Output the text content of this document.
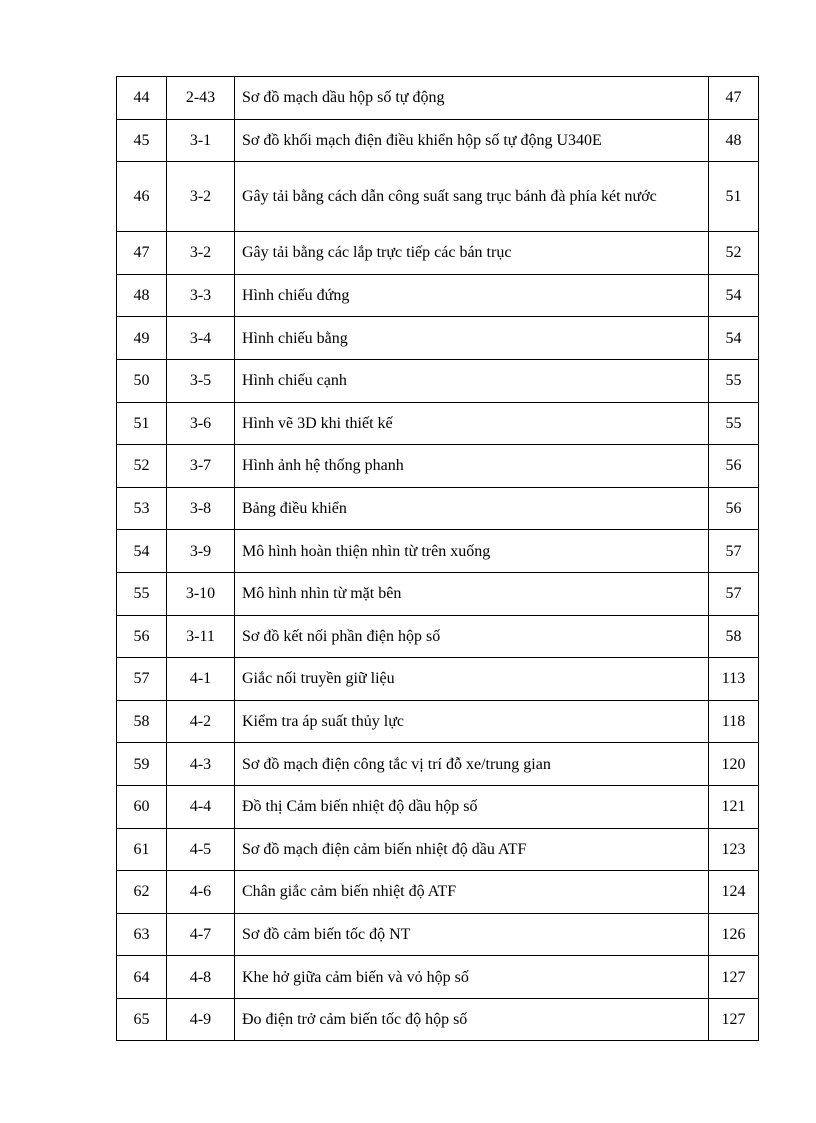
44	2-43	Sơ đồ mạch dầu hộp số tự động	47
45	3-1	Sơ đồ khối mạch điện điều khiển hộp số tự động U340E	48
46	3-2	Gây tải bằng cách dẫn công suất sang trục bánh đà phía két nước	51
47	3-2	Gây tải bằng các lắp trực tiếp các bán trục	52
48	3-3	Hình chiếu đứng	54
49	3-4	Hình chiếu bằng	54
50	3-5	Hình chiếu cạnh	55
51	3-6	Hình vẽ 3D khi thiết kế	55
52	3-7	Hình ảnh hệ thống phanh	56
53	3-8	Bảng điều khiển	56
54	3-9	Mô hình hoàn thiện nhìn từ trên xuống	57
55	3-10	Mô hình nhìn từ mặt bên	57
56	3-11	Sơ đồ kết nối phần điện hộp số	58
57	4-1	Giắc nối truyền giữ liệu	113
58	4-2	Kiểm tra áp suất thủy lực	118
59	4-3	Sơ đồ mạch điện công tắc vị trí đỗ xe/trung gian	120
60	4-4	Đồ thị Cảm biến nhiệt độ dầu hộp số	121
61	4-5	Sơ đồ mạch điện cảm biến nhiệt độ dầu ATF	123
62	4-6	Chân giắc cảm biến nhiệt độ ATF	124
63	4-7	Sơ đồ cảm biến tốc độ NT	126
64	4-8	Khe hở giữa cảm biến và vỏ hộp số	127
65	4-9	Đo điện trở cảm biến tốc độ hộp số	127
